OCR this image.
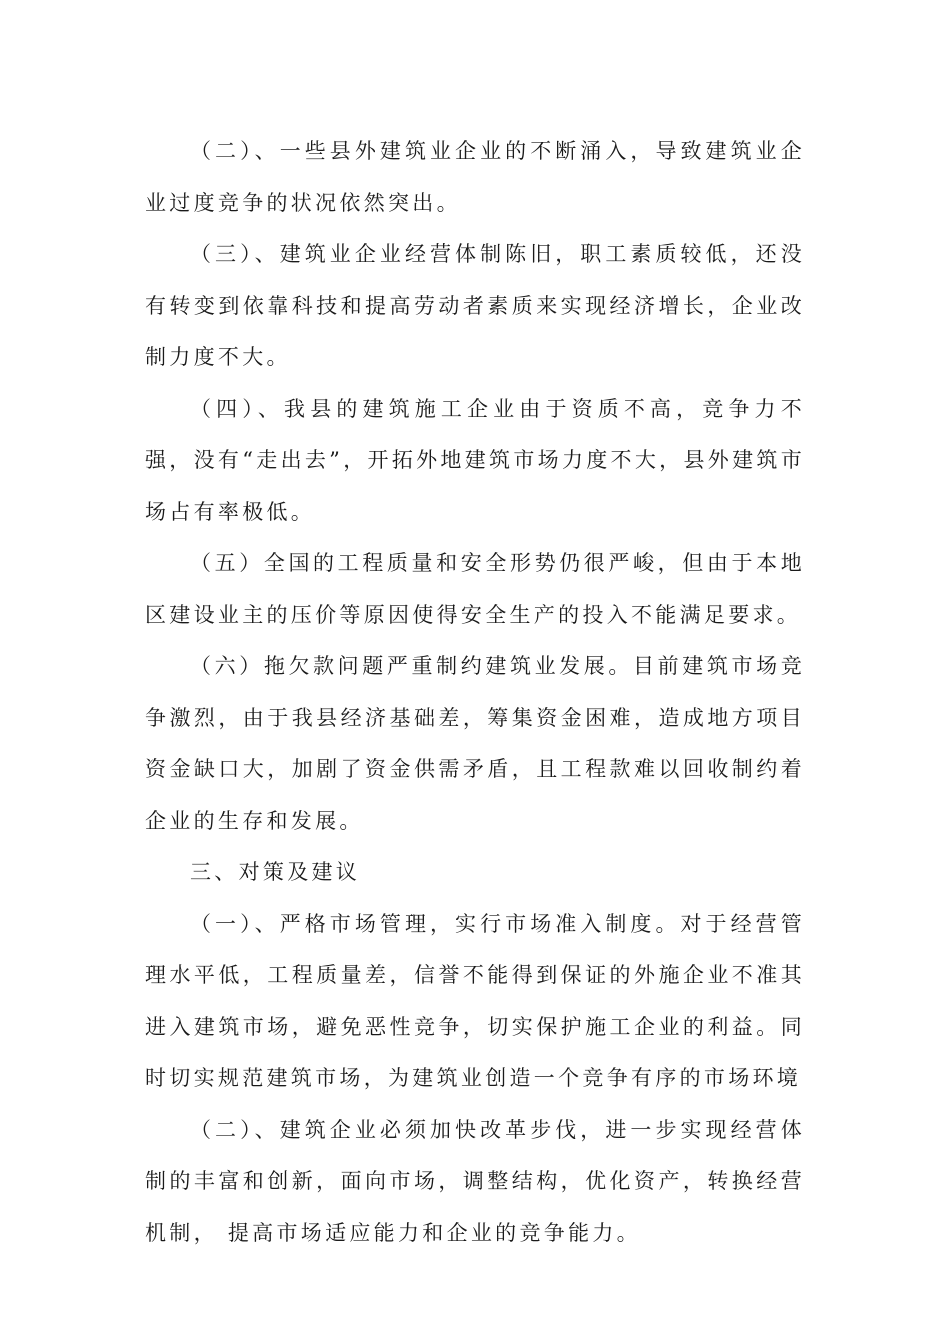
（二）、一些县外建筑业企业的不断涌入，导致建筑业企业过度竞争的状况依然突出。

（三）、建筑业企业经营体制陈旧，职工素质较低，还没有转变到依靠科技和提高劳动者素质来实现经济增长，企业改制力度不大。

（四）、我县的建筑施工企业由于资质不高，竞争力不强，没有“走出去”，开拓外地建筑市场力度不大，县外建筑市场占有率极低。

（五）全国的工程质量和安全形势仍很严峻，但由于本地区建设业主的压价等原因使得安全生产的投入不能满足要求。

（六）拖欠款问题严重制约建筑业发展。目前建筑市场竞争激烈，由于我县经济基础差，筹集资金困难，造成地方项目资金缺口大，加剧了资金供需矛盾，且工程款难以回收制约着企业的生存和发展。

三、对策及建议

（一）、严格市场管理，实行市场准入制度。对于经营管理水平低，工程质量差，信誉不能得到保证的外施企业不准其进入建筑市场，避免恶性竞争，切实保护施工企业的利益。同时切实规范建筑市场，为建筑业创造一个竞争有序的市场环境

（二）、建筑企业必须加快改革步伐，进一步实现经营体制的丰富和创新，面向市场，调整结构，优化资产，转换经营机制， 提高市场适应能力和企业的竞争能力。
